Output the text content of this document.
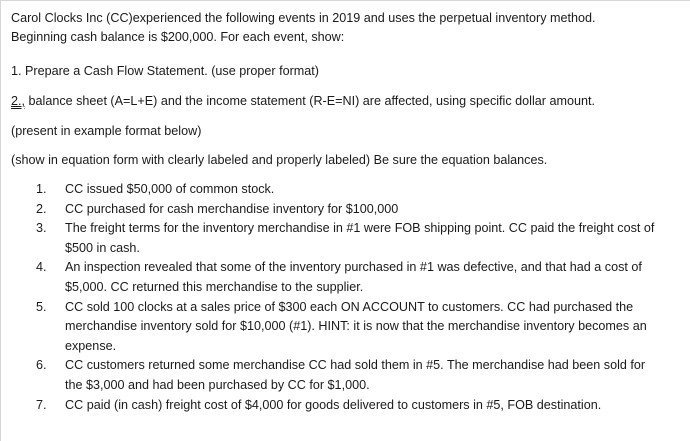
Carol Clocks Inc (CC)experienced the following events in 2019 and uses the perpetual inventory method.
Beginning cash balance is $200,000. For each event, show:
1. Prepare a Cash Flow Statement. (use proper format)
2., balance sheet (A=L+E) and the income statement (R-E=NI) are affected, using specific dollar amount.
(present in example format below)
(show in equation form with clearly labeled and properly labeled) Be sure the equation balances.
1. CC issued $50,000 of common stock.
2. CC purchased for cash merchandise inventory for $100,000
3. The freight terms for the inventory merchandise in #1 were FOB shipping point. CC paid the freight cost of $500 in cash.
4. An inspection revealed that some of the inventory purchased in #1 was defective, and that had a cost of $5,000. CC returned this merchandise to the supplier.
5. CC sold 100 clocks at a sales price of $300 each ON ACCOUNT to customers. CC had purchased the merchandise inventory sold for $10,000 (#1). HINT: it is now that the merchandise inventory becomes an expense.
6. CC customers returned some merchandise CC had sold them in #5. The merchandise had been sold for the $3,000 and had been purchased by CC for $1,000.
7. CC paid (in cash) freight cost of $4,000 for goods delivered to customers in #5, FOB destination.
